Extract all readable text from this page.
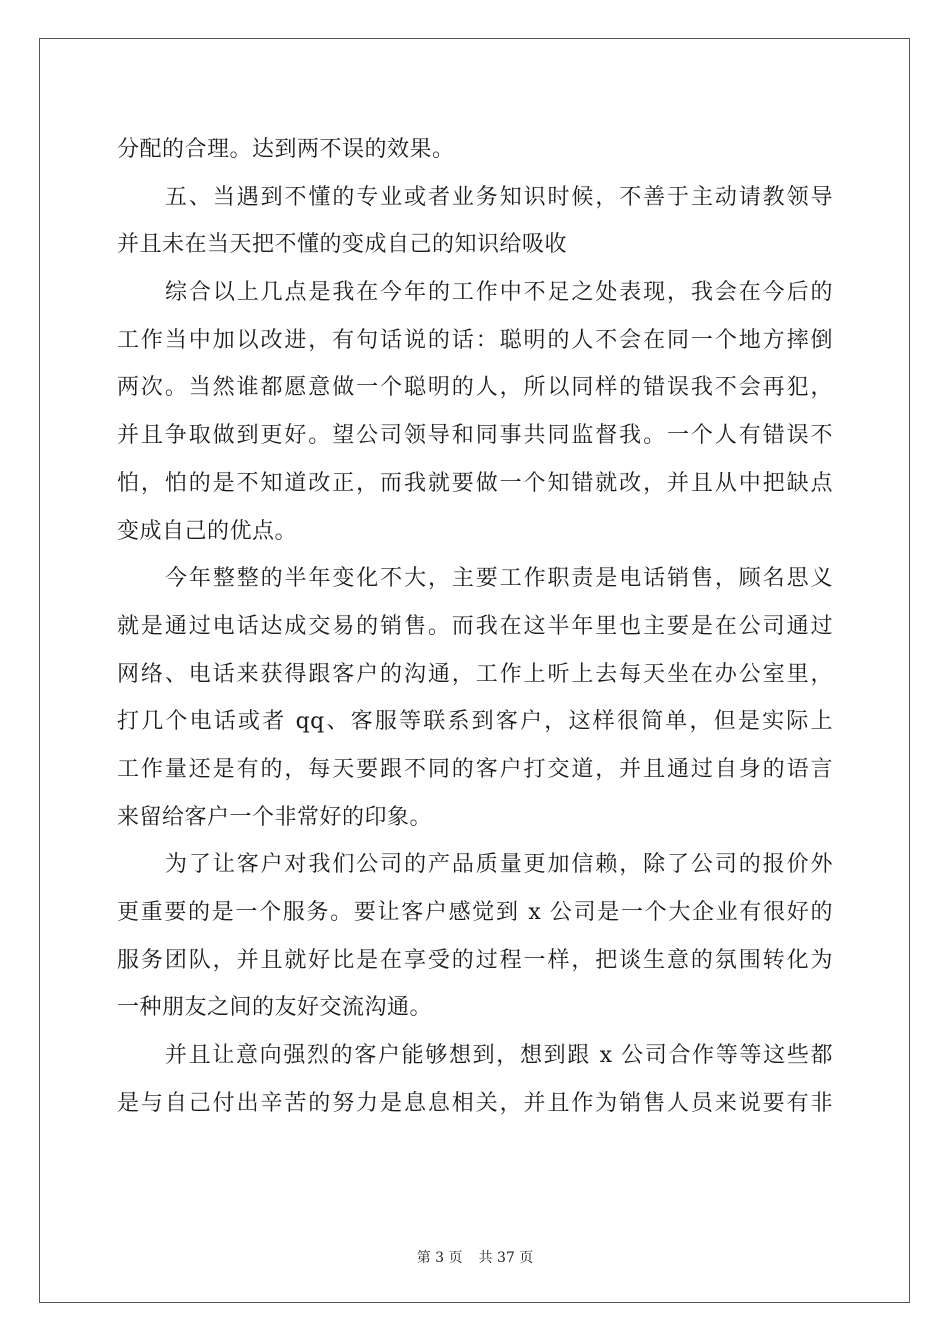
分配的合理。达到两不误的效果。
五、当遇到不懂的专业或者业务知识时候，不善于主动请教领导
并且未在当天把不懂的变成自己的知识给吸收
综合以上几点是我在今年的工作中不足之处表现，我会在今后的
工作当中加以改进，有句话说的话：聪明的人不会在同一个地方摔倒
两次。当然谁都愿意做一个聪明的人，所以同样的错误我不会再犯，
并且争取做到更好。望公司领导和同事共同监督我。一个人有错误不
怕，怕的是不知道改正，而我就要做一个知错就改，并且从中把缺点
变成自己的优点。
今年整整的半年变化不大，主要工作职责是电话销售，顾名思义
就是通过电话达成交易的销售。而我在这半年里也主要是在公司通过
网络、电话来获得跟客户的沟通，工作上听上去每天坐在办公室里，
打几个电话或者 qq、客服等联系到客户，这样很简单，但是实际上
工作量还是有的，每天要跟不同的客户打交道，并且通过自身的语言
来留给客户一个非常好的印象。
为了让客户对我们公司的产品质量更加信赖，除了公司的报价外
更重要的是一个服务。要让客户感觉到 x 公司是一个大企业有很好的
服务团队，并且就好比是在享受的过程一样，把谈生意的氛围转化为
一种朋友之间的友好交流沟通。
并且让意向强烈的客户能够想到，想到跟 x 公司合作等等这些都
是与自己付出辛苦的努力是息息相关，并且作为销售人员来说要有非
第 3 页 共 37 页
